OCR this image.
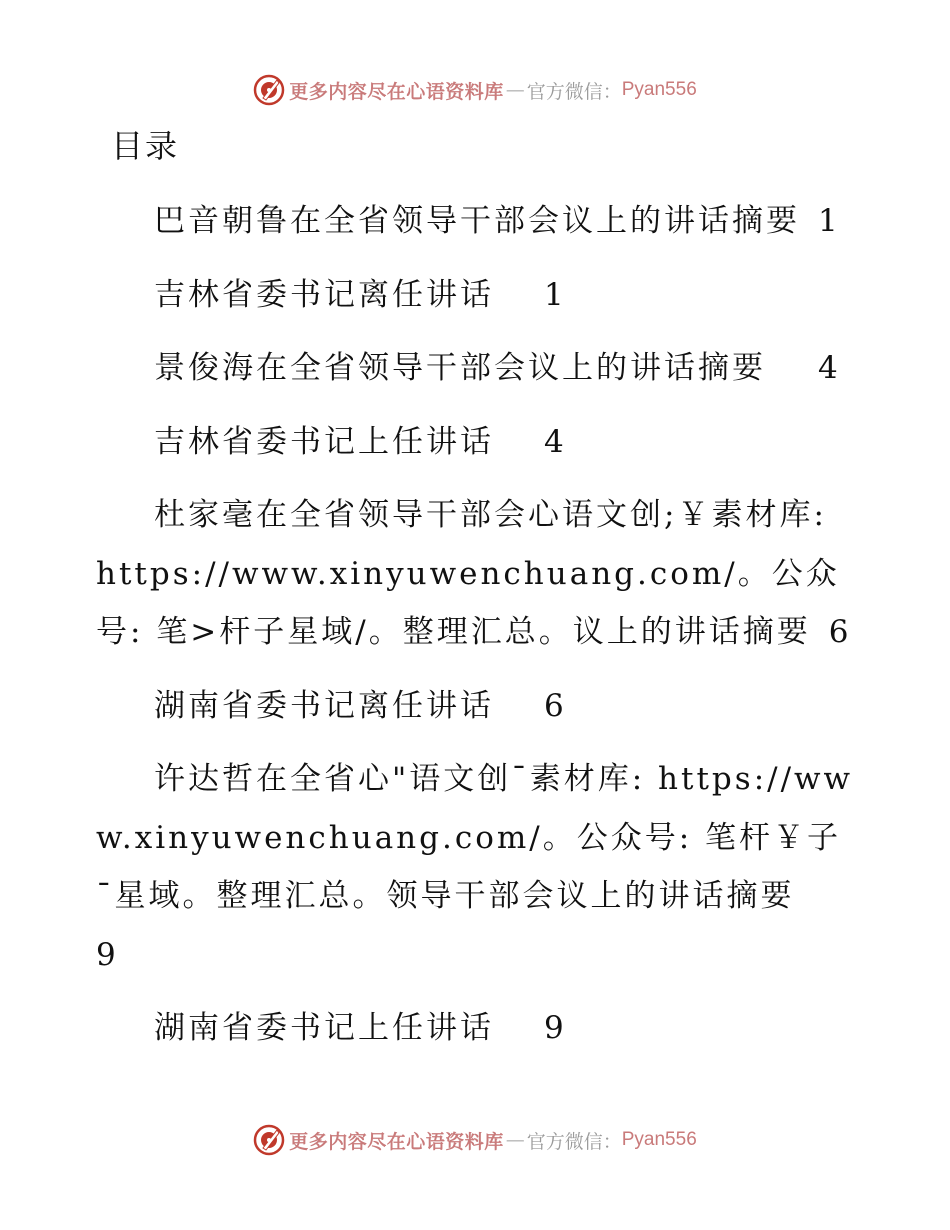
更多内容尽在心语资料库 — 官方微信： Pyan556
目录
巴音朝鲁在全省领导干部会议上的讲话摘要 1
吉林省委书记离任讲话 1
景俊海在全省领导干部会议上的讲话摘要 4
吉林省委书记上任讲话 4
杜家毫在全省领导干部会心语文创;￥素材库: https://www.xinyuwenchuang.com/。公众号: 笔>杆子星域/。整理汇总。议上的讲话摘要 6
湖南省委书记离任讲话 6
许达哲在全省心"语文创¯素材库: https://www.xinyuwenchuang.com/。公众号: 笔杆￥子¯星域。整理汇总。领导干部会议上的讲话摘要9
湖南省委书记上任讲话 9
更多内容尽在心语资料库 — 官方微信： Pyan556
